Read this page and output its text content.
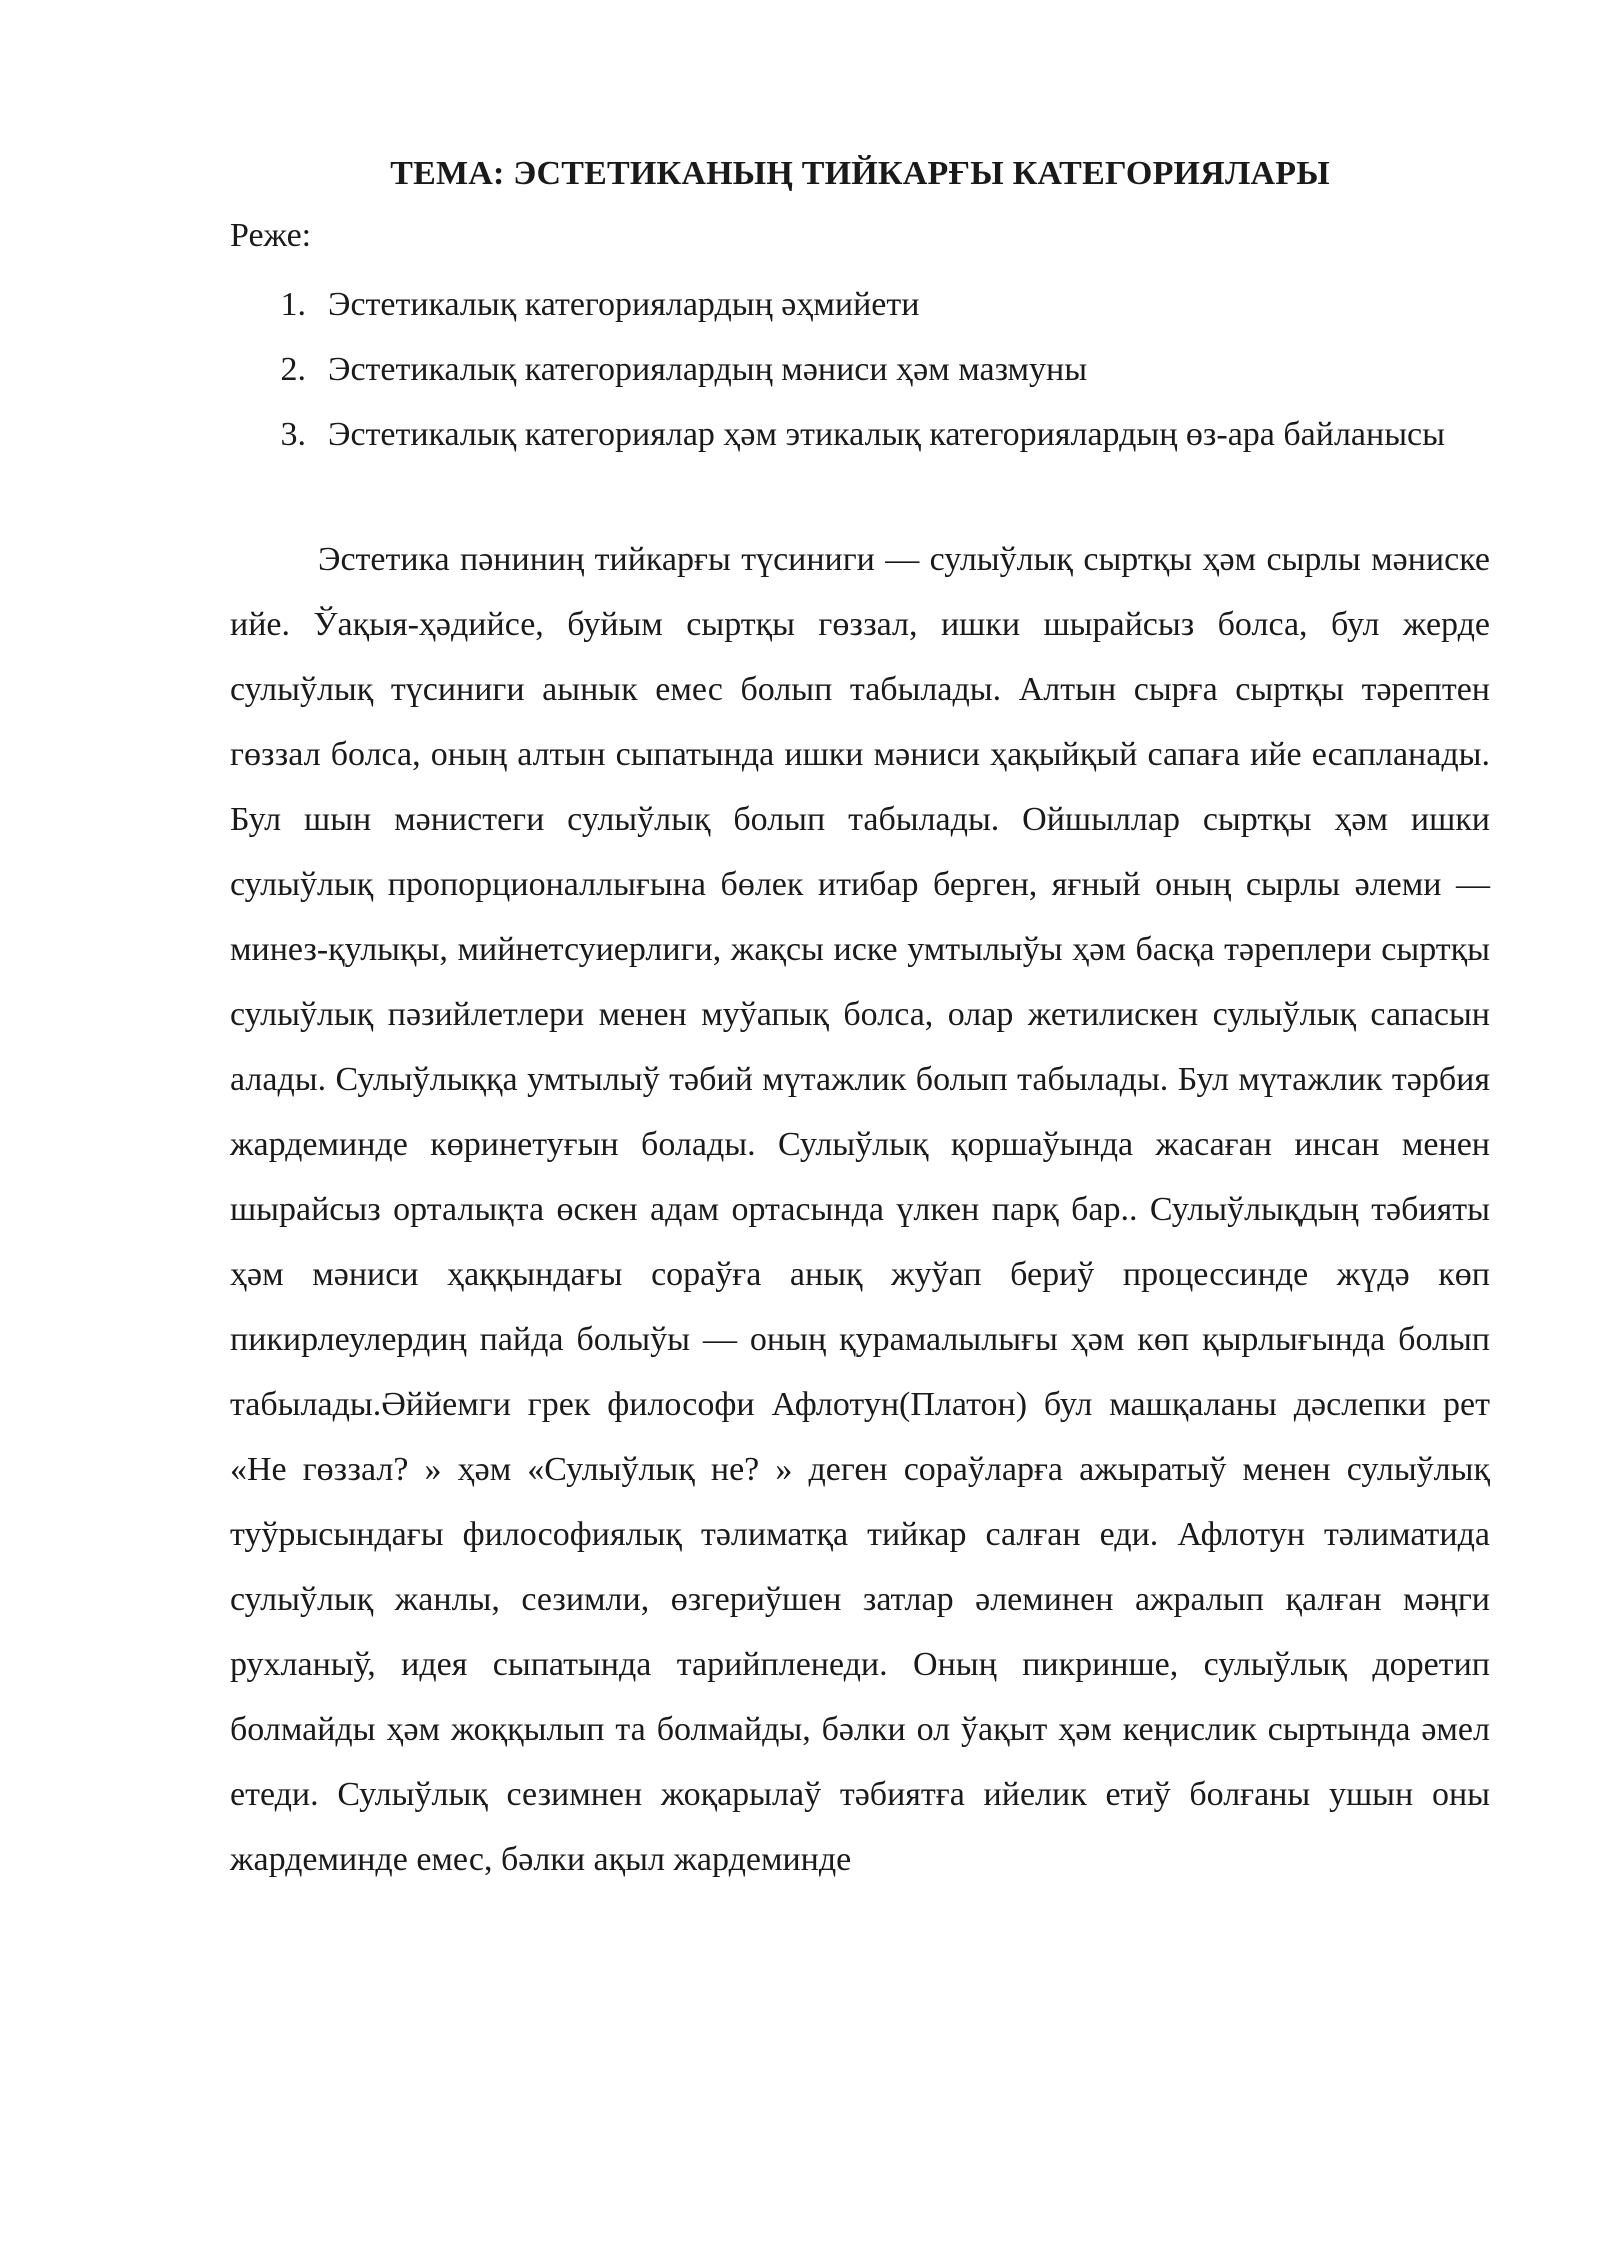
ТЕМА: ЭСТЕТИКАНЫҢ ТИЙКАРҒЫ КАТЕГОРИЯЛАРЫ

Реже:

1. Эстетикалық категориялардың әҳмийети
2. Эстетикалық категориялардың мәниси ҳәм мазмуны
3. Эстетикалық категориялар ҳәм этикалық категориялардың өз-ара байланысы

Эстетика пәниниң тийкарғы түсиниги — сулыўлық сыртқы ҳәм сырлы мәниске ийе. Ўақыя-ҳәдийсе, буйым сыртқы гөззал, ишки шырайсыз болса, бул жерде сулыўлық түсиниги аынык емес болып табылады. Алтын сырға сыртқы тәрептен гөззал болса, оның алтын сыпатында ишки мәниси ҳақыйқый сапаға ийе есапланады. Бул шын мәнистеги сулыўлық болып табылады. Ойшыллар сыртқы ҳәм ишки сулыўлық пропорционаллығына бөлек итибар берген, яғный оның сырлы әлеми — минез-қулықы, мийнетсуиерлиги, жақсы иске умтылыўы ҳәм басқа тәреплери сыртқы сулыўлық пәзийлетлери менен муўапық болса, олар жетилискен сулыўлық сапасын алады. Сулыўлыққа умтылыў тәбий мүтажлик болып табылады. Бул мүтажлик тәрбия жардеминде көринетуғын болады. Сулыўлық қоршаўында жасаған инсан менен шырайсыз орталықта өскен адам ортасында үлкен парқ бар.. Сулыўлықдың тәбияты ҳәм мәниси ҳаққындағы сораўға анық жуўап бериў процессинде жүдә көп пикирлеулердиң пайда болыўы — оның қурамалылығы ҳәм көп қырлығында болып табылады.Әййемги грек философи Афлотун(Платон) бул машқаланы дәслепки рет «Не гөззал? » ҳәм «Сулыўлық не? » деген сораўларға ажыратыў менен сулыўлық туўрысындағы философиялық тәлиматқа тийкар салған еди. Афлотун тәлиматида сулыўлық жанлы, сезимли, өзгериўшен затлар әлеминен ажралып қалған мәңги рухланыў, идея сыпатында тарийпленеди. Оның пикринше, сулыўлық доретип болмайды ҳәм жоққылып та болмайды, бәлки ол ўақыт ҳәм кеңислик сыртында әмел етеди. Сулыўлық сезимнен жоқарылаў тәбиятға ийелик етиў болғаны ушын оны жардеминде емес, бәлки ақыл жардеминде
